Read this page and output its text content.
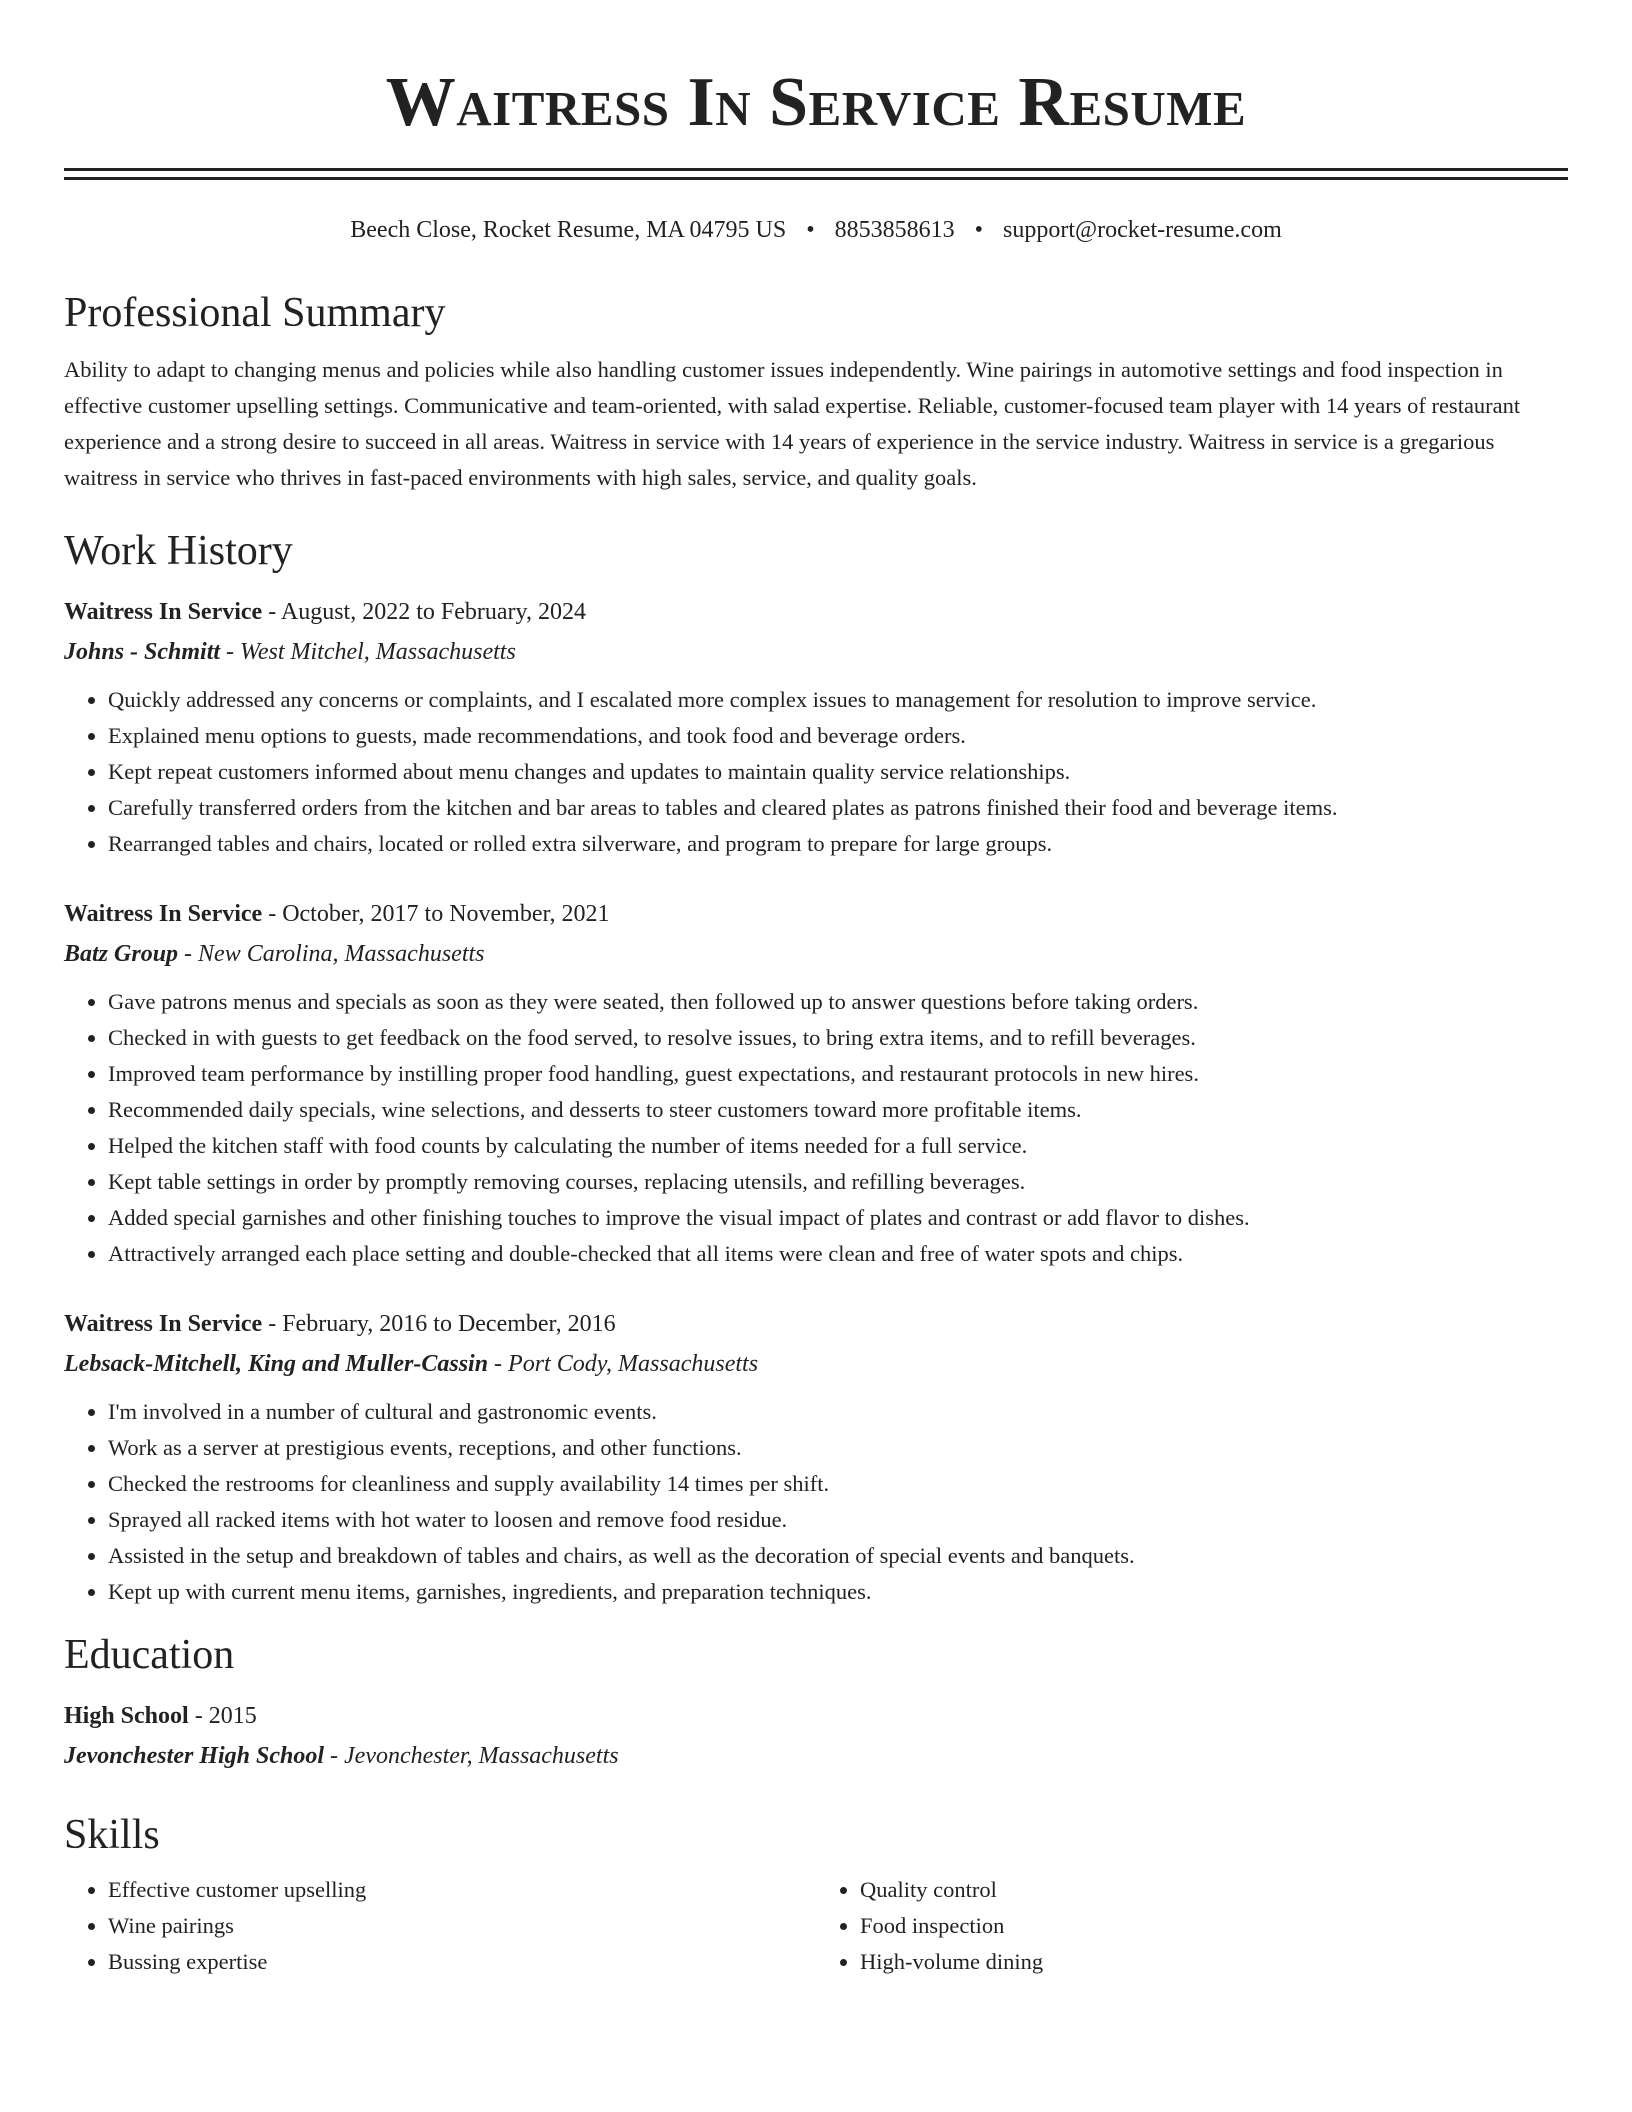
Waitress In Service Resume
Beech Close, Rocket Resume, MA 04795 US • 8853858613 • support@rocket-resume.com
Professional Summary

Ability to adapt to changing menus and policies while also handling customer issues independently. Wine pairings in automotive settings and food inspection in effective customer upselling settings. Communicative and team-oriented, with salad expertise. Reliable, customer-focused team player with 14 years of restaurant experience and a strong desire to succeed in all areas. Waitress in service with 14 years of experience in the service industry. Waitress in service is a gregarious waitress in service who thrives in fast-paced environments with high sales, service, and quality goals.

Work History
Waitress In Service - August, 2022 to February, 2024
Johns - Schmitt - West Mitchel, Massachusetts
• Quickly addressed any concerns or complaints, and I escalated more complex issues to management for resolution to improve service.
• Explained menu options to guests, made recommendations, and took food and beverage orders.
• Kept repeat customers informed about menu changes and updates to maintain quality service relationships.
• Carefully transferred orders from the kitchen and bar areas to tables and cleared plates as patrons finished their food and beverage items.
• Rearranged tables and chairs, located or rolled extra silverware, and program to prepare for large groups.
Waitress In Service - October, 2017 to November, 2021
Batz Group - New Carolina, Massachusetts
• Gave patrons menus and specials as soon as they were seated, then followed up to answer questions before taking orders.
• Checked in with guests to get feedback on the food served, to resolve issues, to bring extra items, and to refill beverages.
• Improved team performance by instilling proper food handling, guest expectations, and restaurant protocols in new hires.
• Recommended daily specials, wine selections, and desserts to steer customers toward more profitable items.
• Helped the kitchen staff with food counts by calculating the number of items needed for a full service.
• Kept table settings in order by promptly removing courses, replacing utensils, and refilling beverages.
• Added special garnishes and other finishing touches to improve the visual impact of plates and contrast or add flavor to dishes.
• Attractively arranged each place setting and double-checked that all items were clean and free of water spots and chips.
Waitress In Service - February, 2016 to December, 2016
Lebsack-Mitchell, King and Muller-Cassin - Port Cody, Massachusetts
• I'm involved in a number of cultural and gastronomic events.
• Work as a server at prestigious events, receptions, and other functions.
• Checked the restrooms for cleanliness and supply availability 14 times per shift.
• Sprayed all racked items with hot water to loosen and remove food residue.
• Assisted in the setup and breakdown of tables and chairs, as well as the decoration of special events and banquets.
• Kept up with current menu items, garnishes, ingredients, and preparation techniques.
Education
High School - 2015
Jevonchester High School - Jevonchester, Massachusetts
Skills
• Effective customer upselling
• Wine pairings
• Bussing expertise
• Quality control
• Food inspection
• High-volume dining
